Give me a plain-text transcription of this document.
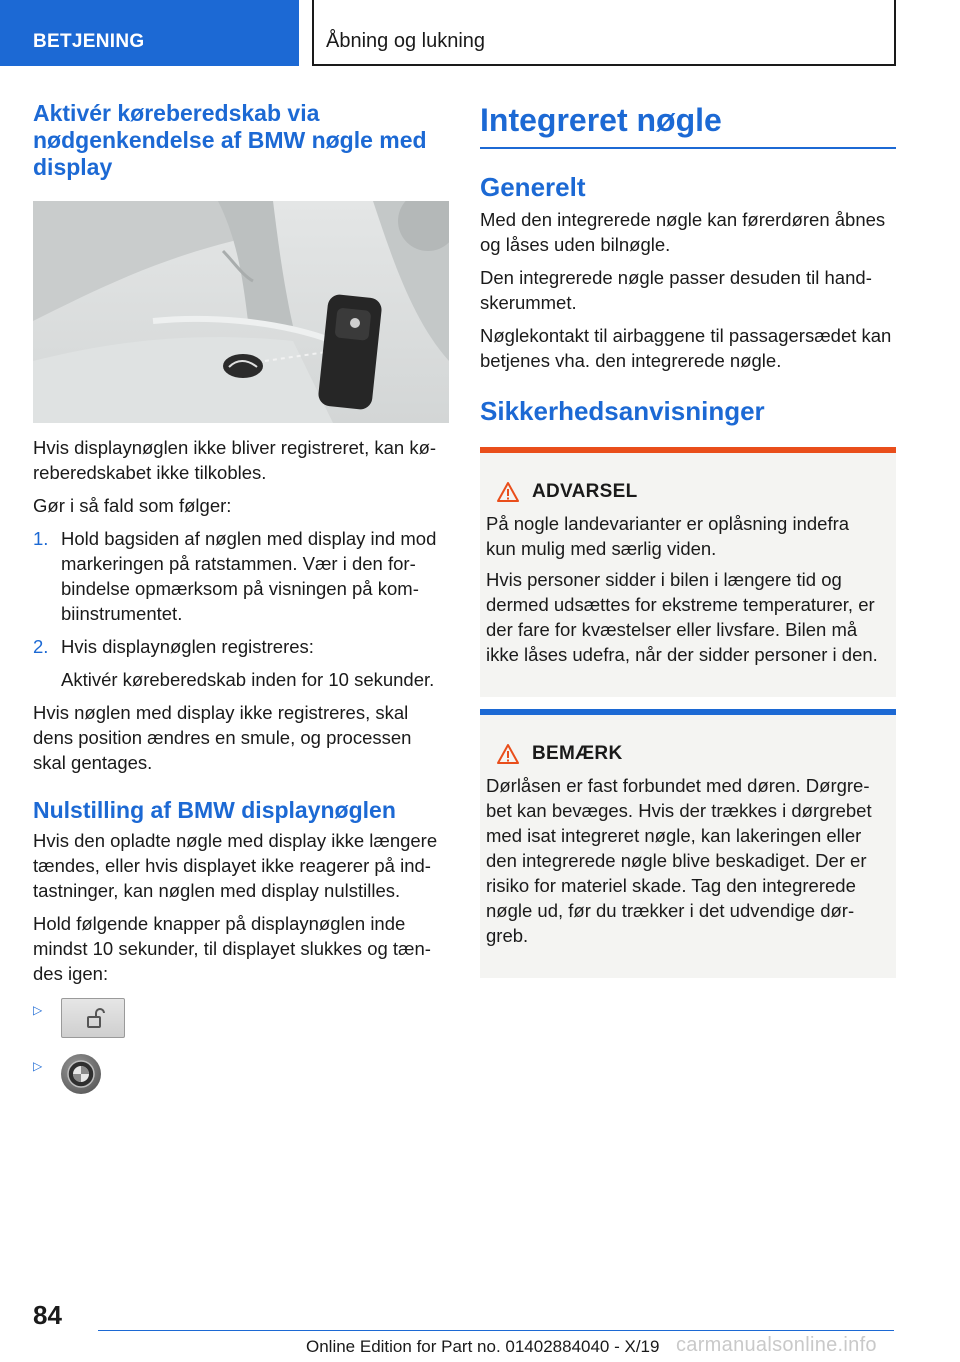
BETJENING	Åbning og lukning
Aktivér køreberedskab via nødgenkendelse af BMW nøgle med display

Hvis displaynøglen ikke bliver registreret, kan køreberedskabet ikke tilkobles.

Gør i så fald som følger:

1. Hold bagsiden af nøglen med display ind mod markeringen på ratstammen. Vær i den forbindelse opmærksom på visningen på kombiinstrumentet.
2. Hvis displaynøglen registreres:
Aktivér køreberedskab inden for 10 sekunder.

Hvis nøglen med display ikke registreres, skal dens position ændres en smule, og processen skal gentages.

Nulstilling af BMW displaynøglen

Hvis den opladte nøgle med display ikke længere tændes, eller hvis displayet ikke reagerer på indtastninger, kan nøglen med display nulstilles.

Hold følgende knapper på displaynøglen inde mindst 10 sekunder, til displayet slukkes og tændes igen:

▷
▷
Integreret nøgle
Generelt

Med den integrerede nøgle kan førerdøren åbnes og låses uden bilnøgle.

Den integrerede nøgle passer desuden til handskerummet.

Nøglekontakt til airbaggene til passagersædet kan betjenes vha. den integrerede nøgle.

Sikkerhedsanvisninger
ADVARSEL

På nogle landevarianter er oplåsning indefra kun mulig med særlig viden.

Hvis personer sidder i bilen i længere tid og dermed udsættes for ekstreme temperaturer, er der fare for kvæstelser eller livsfare. Bilen må ikke låses udefra, når der sidder personer i den.

BEMÆRK

Dørlåsen er fast forbundet med døren. Dørgrebet kan bevæges. Hvis der trækkes i dørgrebet med isat integreret nøgle, kan lakeringen eller den integrerede nøgle blive beskadiget. Der er risiko for materiel skade. Tag den integrerede nøgle ud, før du trækker i det udvendige dørgreb.

84
Online Edition for Part no. 01402884040 - X/19 carmanualsonline.info
